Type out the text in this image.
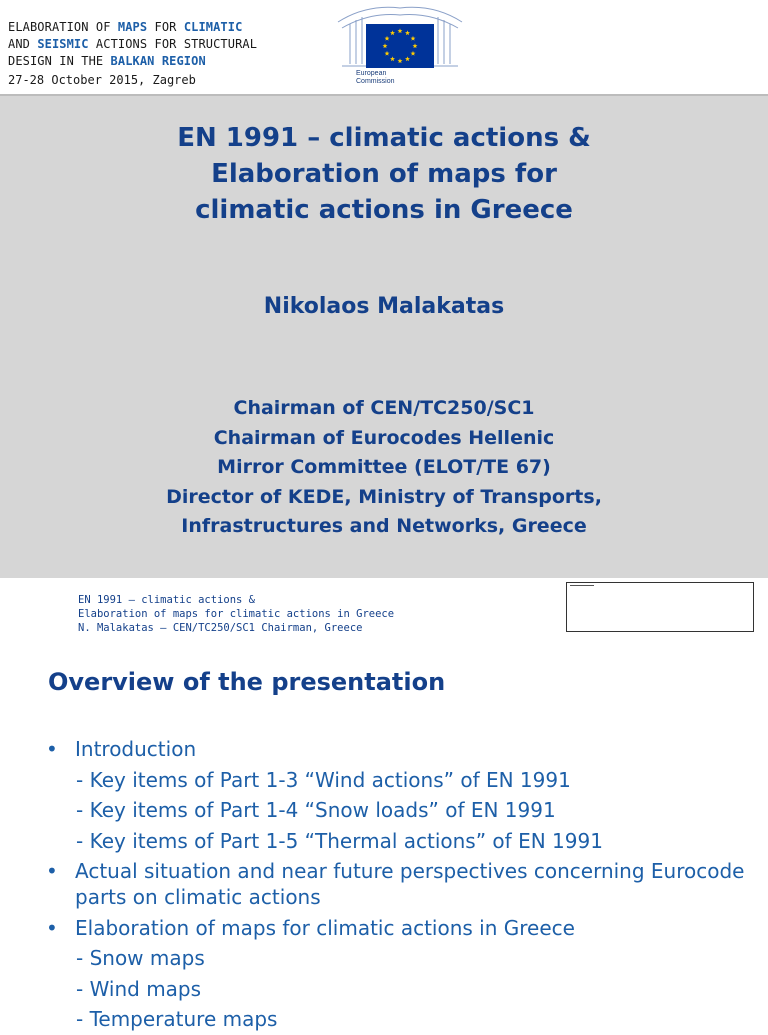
ELABORATION OF MAPS FOR CLIMATIC
AND SEISMIC ACTIONS FOR STRUCTURAL
DESIGN IN THE BALKAN REGION
27-28 October 2015, Zagreb	European
Commission
EN 1991 – climatic actions &
Elaboration of maps for
climatic actions in Greece
Nikolaos Malakatas
Chairman of CEN/TC250/SC1
Chairman of Eurocodes Hellenic
Mirror Committee (ELOT/TE 67)
Director of KEDE, Ministry of Transports,
Infrastructures and Networks, Greece
EN 1991 – climatic actions &
Elaboration of maps for climatic actions in Greece
N. Malakatas – CEN/TC250/SC1 Chairman, Greece
Overview of the presentation
• Introduction
- Key items of Part 1-3 “Wind actions” of EN 1991
- Key items of Part 1-4 “Snow loads” of EN 1991
- Key items of Part 1-5 “Thermal actions” of EN 1991
• Actual situation and near future perspectives concerning Eurocode parts on climatic actions
• Elaboration of maps for climatic actions in Greece
- Snow maps
- Wind maps
- Temperature maps
